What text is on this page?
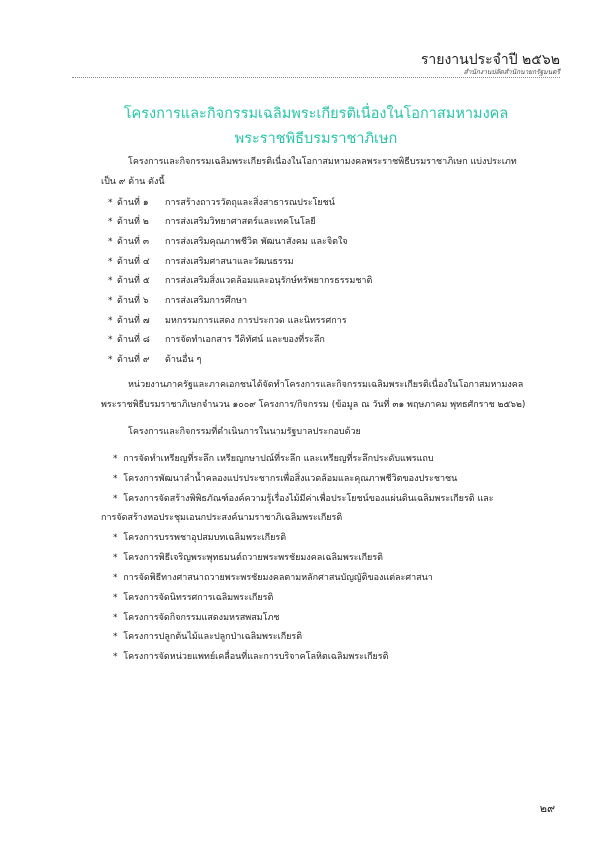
รายงานประจำปี ๒๕๖๒
สำนักงานปลัดสำนักนายกรัฐมนตรี
โครงการและกิจกรรมเฉลิมพระเกียรติเนื่องในโอกาสมหามงคล
พระราชพิธีบรมราชาภิเษก
โครงการและกิจกรรมเฉลิมพระเกียรติเนื่องในโอกาสมหามงคลพระราชพิธีบรมราชาภิเษก แบ่งประเภท
เป็น ๙ ด้าน ดังนี้
* ด้านที่ ๑ การสร้างถาวรวัตถุและสิ่งสาธารณประโยชน์
* ด้านที่ ๒ การส่งเสริมวิทยาศาสตร์และเทคโนโลยี
* ด้านที่ ๓ การส่งเสริมคุณภาพชีวิต พัฒนาสังคม และจิตใจ
* ด้านที่ ๔ การส่งเสริมศาสนาและวัฒนธรรม
* ด้านที่ ๕ การส่งเสริมสิ่งแวดล้อมและอนุรักษ์ทรัพยากรธรรมชาติ
* ด้านที่ ๖ การส่งเสริมการศึกษา
* ด้านที่ ๗ มหกรรมการแสดง การประกวด และนิทรรศการ
* ด้านที่ ๘ การจัดทำเอกสาร วีดิทัศน์ และของที่ระลึก
* ด้านที่ ๙ ด้านอื่น ๆ
หน่วยงานภาครัฐและภาคเอกชนได้จัดทำโครงการและกิจกรรมเฉลิมพระเกียรติเนื่องในโอกาสมหามงคล
พระราชพิธีบรมราชาภิเษกจำนวน ๑๐๐๙ โครงการ/กิจกรรม (ข้อมูล ณ วันที่ ๓๑ พฤษภาคม พุทธศักราช ๒๕๖๒)
โครงการและกิจกรรมที่ดำเนินการในนามรัฐบาลประกอบด้วย
* การจัดทำเหรียญที่ระลึก เหรียญกษาปณ์ที่ระลึก และเหรียญที่ระลึกประดับแพรแถบ
* โครงการพัฒนาลำน้ำคลองแปรประชากรเพื่อสิ่งแวดล้อมและคุณภาพชีวิตของประชาชน
* โครงการจัดสร้างพิพิธภัณฑ์องค์ความรู้เรื่องไม้มีค่าเพื่อประโยชน์ของแผ่นดินเฉลิมพระเกียรติ และ
การจัดสร้างหอประชุมเอนกประสงค์นามราชาภิเฉลิมพระเกียรติ
* โครงการบรรพชาอุปสมบทเฉลิมพระเกียรติ
* โครงการพิธีเจริญพระพุทธมนต์ถวายพระพรชัยมงคลเฉลิมพระเกียรติ
* การจัดพิธีทางศาสนาถวายพระพรชัยมงคลตามหลักศาสนบัญญัติของแต่ละศาสนา
* โครงการจัดนิทรรศการเฉลิมพระเกียรติ
* โครงการจัดกิจกรรมแสดงมหรสพสมโภช
* โครงการปลูกต้นไม้และปลูกป่าเฉลิมพระเกียรติ
* โครงการจัดหน่วยแพทย์เคลื่อนที่และการบริจาคโลหิตเฉลิมพระเกียรติ
๒๙
